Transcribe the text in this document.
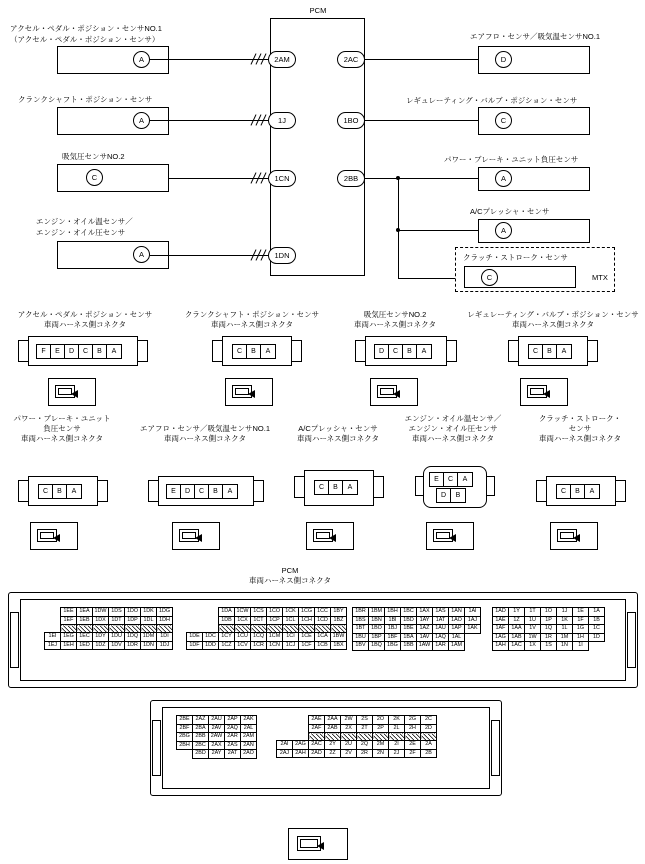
PCM
アクセル・ペダル・ポジション・センサNO.1
（アクセル・ペダル・ポジション・センサ）
A	2AM
クランクシャフト・ポジション・センサ
A	1J
吸気圧センサNO.2
C	1CN
エンジン・オイル温センサ／
エンジン・オイル圧センサ
A	1DN
2AC
エアフロ・センサ／吸気温センサNO.1
D
1BO
レギュレーティング・バルブ・ポジション・センサ
C
2BB
パワー・ブレーキ・ユニット負圧センサ
A
A/Cプレッシャ・センサ
A
クラッチ・ストローク・センサ
C	MTX
アクセル・ペダル・ポジション・センサ
車両ハーネス側コネクタ
F	E	D	C	B	A
クランクシャフト・ポジション・センサ
車両ハーネス側コネクタ
C	B	A
吸気圧センサNO.2
車両ハーネス側コネクタ
D	C	B	A
レギュレーティング・バルブ・ポジション・センサ
車両ハーネス側コネクタ
C	B	A
パワー・ブレーキ・ユニット
負圧センサ
車両ハーネス側コネクタ
C	B	A
エアフロ・センサ／吸気温センサNO.1
車両ハーネス側コネクタ
E	D	C	B	A
A/Cプレッシャ・センサ
車両ハーネス側コネクタ
C	B	A
エンジン・オイル温センサ／
エンジン・オイル圧センサ
車両ハーネス側コネクタ
E	C	A
D	B
クラッチ・ストローク・
センサ
車両ハーネス側コネクタ
C	B	A
PCM
車両ハーネス側コネクタ
	1EE	1EA	1DW	1DS	1DO	1DK	1DG
	1EF	1EB	1DX	1DT	1DP	1DL	1DH

1EI	1EG	1EC	1DY	1DU	1DQ	1DM	1DI
1EJ	1EH	1ED	1DZ	1DV	1DR	1DN	1DJ
		1DA	1CW	1CS	1CO	1CK	1CG	1CC	1BY
		1DB	1CX	1CT	1CP	1CL	1CH	1CD	1BZ

1DE	1DC	1CY	1CU	1CQ	1CM	1CI	1CE	1CA	1BW
1DF	1DD	1CZ	1CV	1CR	1CN	1CJ	1CF	1CB	1BX
1BR	1BM	1BH	1BC	1AX	1AS	1AN	1AI
1BS	1BN	1BI	1BD	1AY	1AT	1AO	1AJ
1BT	1BO	1BJ	1BE	1AZ	1AU	1AP	1AK
1BU	1BP	1BF	1BA	1AV	1AQ	1AL	
1BV	1BQ	1BG	1BB	1AW	1AR	1AM	
1AD	1Y	1T	1O	1J	1E	1A
1AE	1Z	1U	1P	1K	1F	1B
1AF	1AA	1V	1Q	1L	1G	1C
1AG	1AB	1W	1R	1M	1H	1D
1AH	1AC	1X	1S	1N	1I	
2BE	2AZ	2AU	2AP	2AK
2BF	2BA	2AV	2AQ	2AL
2BG	2BB	2AW	2AR	2AM
2BH	2BC	2AX	2AS	2AN
	2BD	2AY	2AT	2AO
		2AE	2AA	2W	2S	2O	2K	2G	2C
		2AF	2AB	2X	2T	2P	2L	2H	2D

2AI	2AG	2AC	2Y	2U	2Q	2M	2I	2E	2A
2AJ	2AH	2AD	2Z	2V	2R	2N	2J	2F	2B
